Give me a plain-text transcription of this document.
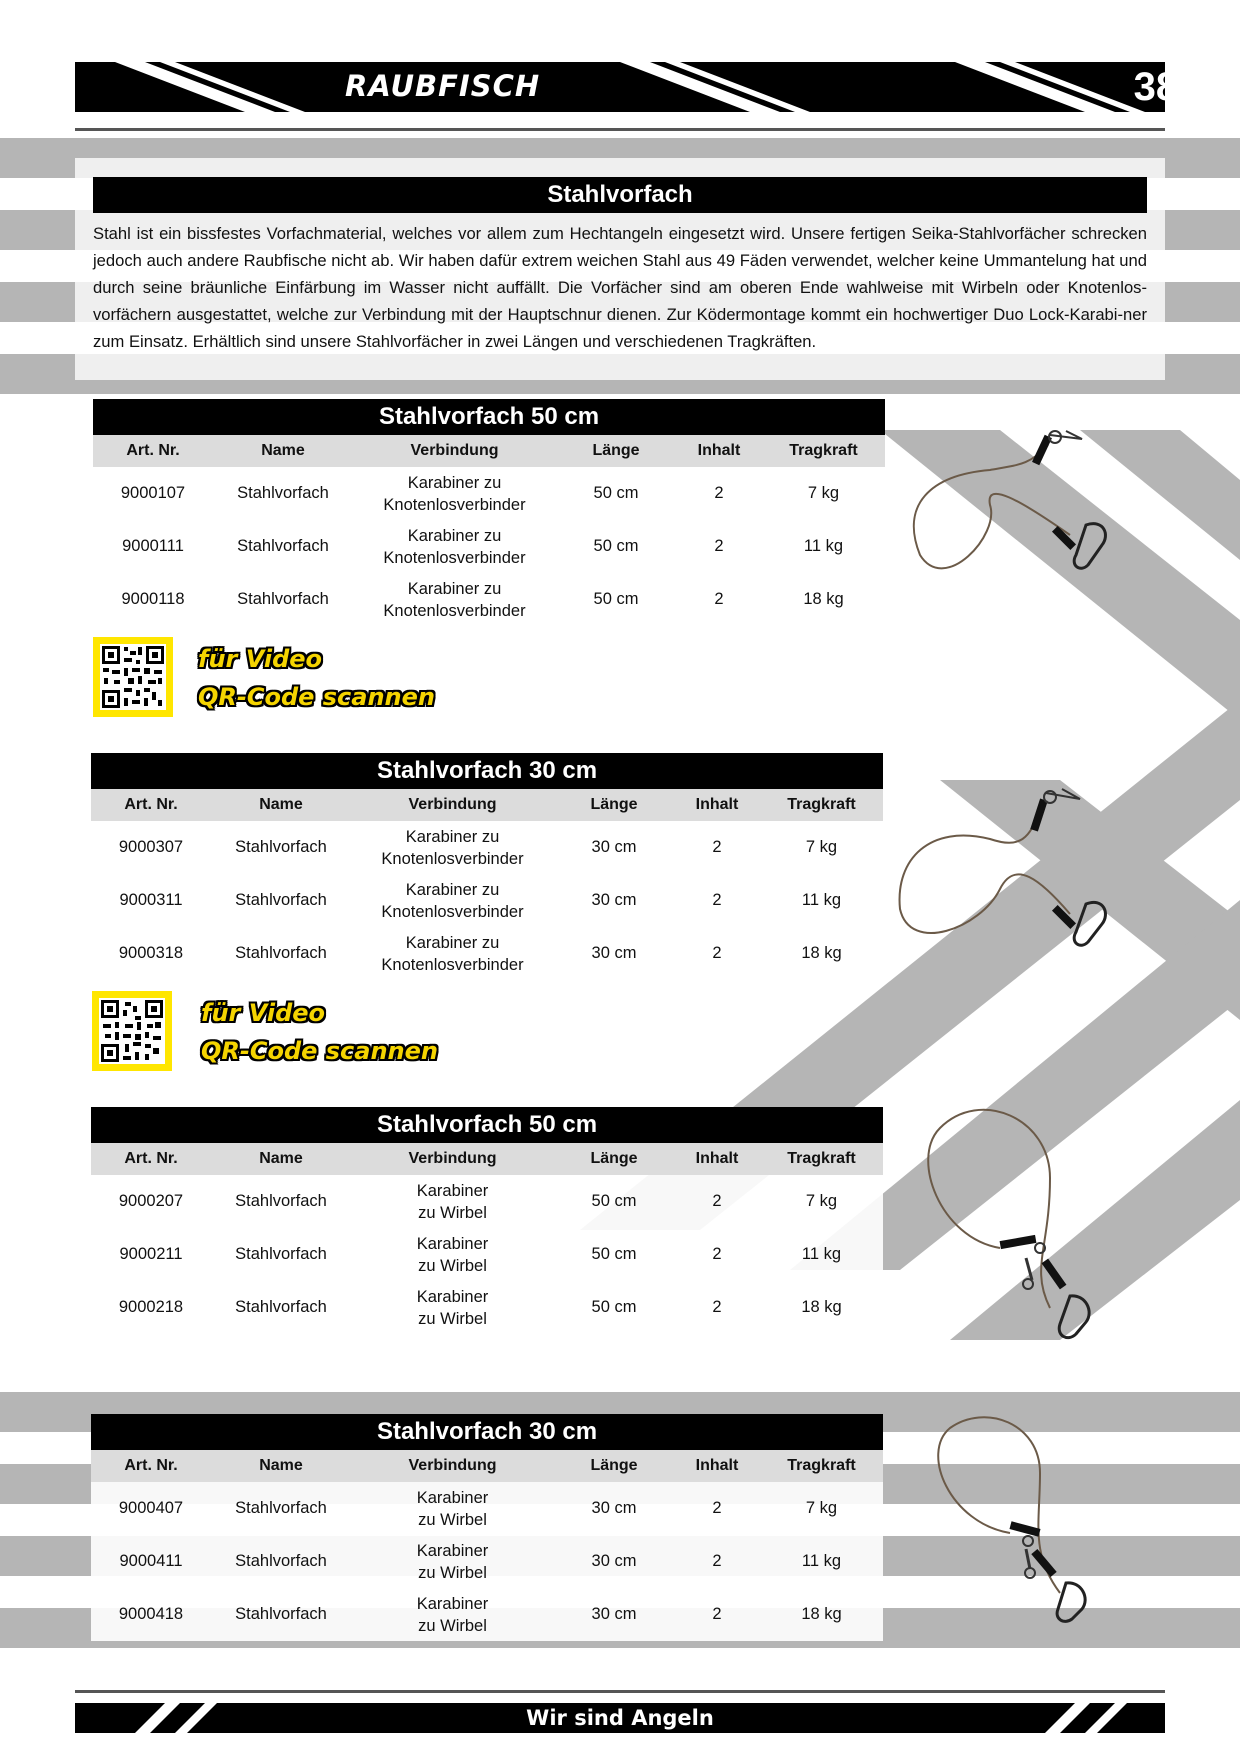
RAUBFISCH	383
Stahlvorfach
Stahl ist ein bissfestes Vorfachmaterial, welches vor allem zum Hechtangeln eingesetzt wird. Unsere fertigen Seika-Stahlvorfächer schrecken jedoch auch andere Raubfische nicht ab. Wir haben dafür extrem weichen Stahl aus 49 Fäden verwendet, welcher keine Ummantelung hat und durch seine bräunliche Einfärbung im Wasser nicht auffällt. Die Vorfächer sind am oberen Ende wahlweise mit Wirbeln oder Knotenlos-vorfächern ausgestattet, welche zur Verbindung mit der Hauptschnur dienen. Zur Ködermontage kommt ein hochwertiger Duo Lock-Karabi-ner zum Einsatz. Erhältlich sind unsere Stahlvorfächer in zwei Längen und verschiedenen Tragkräften.
Stahlvorfach 50 cm
Art. Nr.	Name	Verbindung	Länge	Inhalt	Tragkraft
9000107	Stahlvorfach
Karabiner zu
Knotenlosverbinder
50 cm	2	7 kg
9000111	Stahlvorfach
Karabiner zu
Knotenlosverbinder
50 cm	2	11 kg
9000118	Stahlvorfach
Karabiner zu
Knotenlosverbinder
50 cm	2	18 kg
für Video
QR-Code scannen
Stahlvorfach 30 cm
Art. Nr.	Name	Verbindung	Länge	Inhalt	Tragkraft
9000307	Stahlvorfach
Karabiner zu
Knotenlosverbinder
30 cm	2	7 kg
9000311	Stahlvorfach
Karabiner zu
Knotenlosverbinder
30 cm	2	11 kg
9000318	Stahlvorfach
Karabiner zu
Knotenlosverbinder
30 cm	2	18 kg
für Video
QR-Code scannen
Stahlvorfach 50 cm
Art. Nr.	Name	Verbindung	Länge	Inhalt	Tragkraft
9000207	Stahlvorfach
Karabiner
zu Wirbel
50 cm	2	7 kg
9000211	Stahlvorfach
Karabiner
zu Wirbel
50 cm	2	11 kg
9000218	Stahlvorfach
Karabiner
zu Wirbel
50 cm	2	18 kg
Stahlvorfach 30 cm
Art. Nr.	Name	Verbindung	Länge	Inhalt	Tragkraft
9000407	Stahlvorfach
Karabiner
zu Wirbel
30 cm	2	7 kg
9000411	Stahlvorfach
Karabiner
zu Wirbel
30 cm	2	11 kg
9000418	Stahlvorfach
Karabiner
zu Wirbel
30 cm	2	18 kg
Wir sind Angeln
